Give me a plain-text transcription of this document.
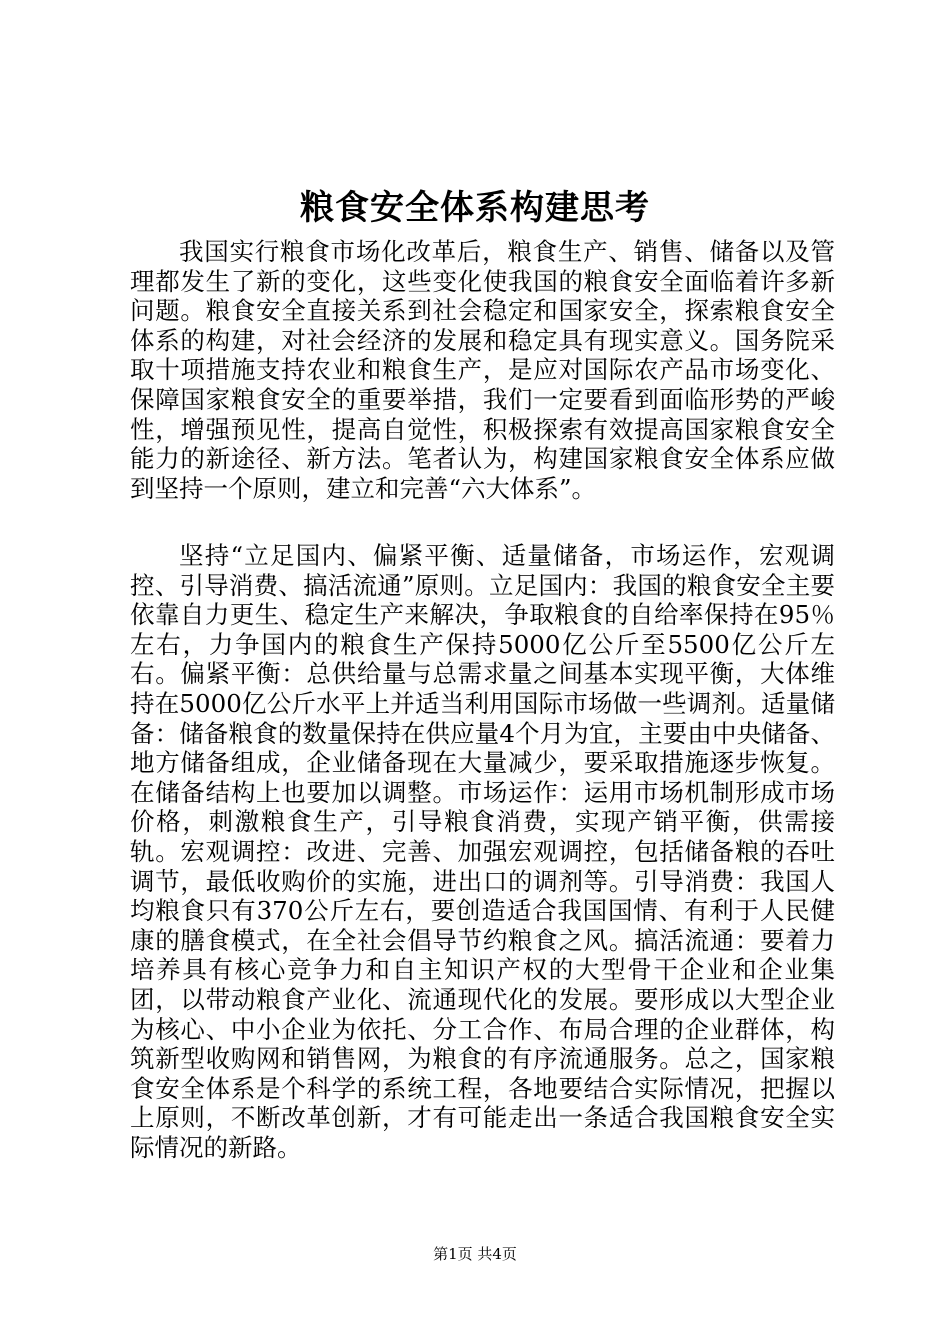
粮食安全体系构建思考

我国实行粮食市场化改革后，粮食生产、销售、储备以及管理都发生了新的变化，这些变化使我国的粮食安全面临着许多新问题。粮食安全直接关系到社会稳定和国家安全，探索粮食安全体系的构建，对社会经济的发展和稳定具有现实意义。国务院采取十项措施支持农业和粮食生产，是应对国际农产品市场变化、保障国家粮食安全的重要举措，我们一定要看到面临形势的严峻性，增强预见性，提高自觉性，积极探索有效提高国家粮食安全能力的新途径、新方法。笔者认为，构建国家粮食安全体系应做到坚持一个原则，建立和完善“六大体系”。

坚持“立足国内、偏紧平衡、适量储备，市场运作，宏观调控、引导消费、搞活流通”原则。立足国内：我国的粮食安全主要依靠自力更生、稳定生产来解决，争取粮食的自给率保持在95％左右，力争国内的粮食生产保持5000亿公斤至5500亿公斤左右。偏紧平衡：总供给量与总需求量之间基本实现平衡，大体维持在5000亿公斤水平上并适当利用国际市场做一些调剂。适量储备：储备粮食的数量保持在供应量4个月为宜，主要由中央储备、地方储备组成，企业储备现在大量减少，要采取措施逐步恢复。在储备结构上也要加以调整。市场运作：运用市场机制形成市场价格，刺激粮食生产，引导粮食消费，实现产销平衡，供需接轨。宏观调控：改进、完善、加强宏观调控，包括储备粮的吞吐调节，最低收购价的实施，进出口的调剂等。引导消费：我国人均粮食只有370公斤左右，要创造适合我国国情、有利于人民健康的膳食模式，在全社会倡导节约粮食之风。搞活流通：要着力培养具有核心竞争力和自主知识产权的大型骨干企业和企业集团，以带动粮食产业化、流通现代化的发展。要形成以大型企业为核心、中小企业为依托、分工合作、布局合理的企业群体，构筑新型收购网和销售网，为粮食的有序流通服务。总之，国家粮食安全体系是个科学的系统工程，各地要结合实际情况，把握以上原则，不断改革创新，才有可能走出一条适合我国粮食安全实际情况的新路。

第1页 共4页
